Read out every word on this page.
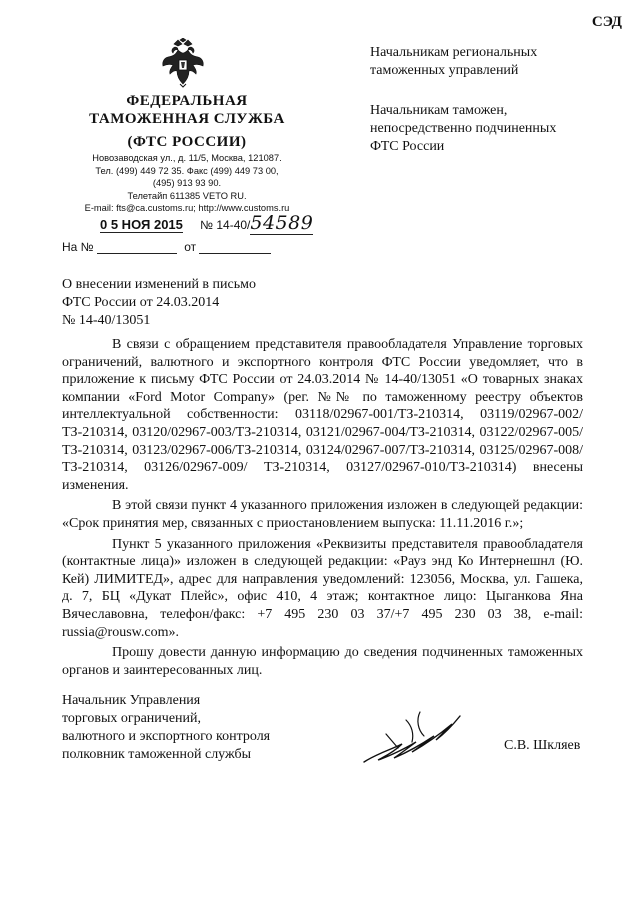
СЭД
ФЕДЕРАЛЬНАЯ
ТАМОЖЕННАЯ СЛУЖБА
(ФТС РОССИИ)
Новозаводская ул., д. 11/5, Москва, 121087.
Тел. (499) 449 72 35. Факс (499) 449 73 00,
(495) 913 93 90.
Телетайп 611385 VETO RU.
E-mail: fts@ca.customs.ru; http://www.customs.ru
0 5 НОЯ 2015 № 14-40/54589
На №	от
Начальникам региональных
таможенных управлений
Начальникам таможен,
непосредственно подчиненных
ФТС России
О внесении изменений в письмо
ФТС России от 24.03.2014
№ 14-40/13051

В связи с обращением представителя правообладателя Управление торговых ограничений, валютного и экспортного контроля ФТС России уведомляет, что в приложение к письму ФТС России от 24.03.2014 № 14-40/13051 «О товарных знаках компании «Ford Motor Company» (рег. №№ по таможенному реестру объектов интеллектуальной собственности: 03118/02967-001/ТЗ-210314, 03119/02967-002/ТЗ-210314, 03120/02967-003/ТЗ-210314, 03121/02967-004/ТЗ-210314, 03122/02967-005/ТЗ-210314, 03123/02967-006/ТЗ-210314, 03124/02967-007/ТЗ-210314, 03125/02967-008/ТЗ-210314, 03126/02967-009/ ТЗ-210314, 03127/02967-010/ТЗ-210314) внесены изменения.

В этой связи пункт 4 указанного приложения изложен в следующей редакции: «Срок принятия мер, связанных с приостановлением выпуска: 11.11.2016 г.»;

Пункт 5 указанного приложения «Реквизиты представителя правообладателя (контактные лица)» изложен в следующей редакции: «Рауз энд Ко Интернешнл (Ю. Кей) ЛИМИТЕД», адрес для направления уведомлений: 123056, Москва, ул. Гашека, д. 7, БЦ «Дукат Плейс», офис 410, 4 этаж; контактное лицо: Цыганкова Яна Вячеславовна, телефон/факс: +7 495 230 03 37/+7 495 230 03 38, e-mail: russia@rousw.com».

Прошу довести данную информацию до сведения подчиненных таможенных органов и заинтересованных лиц.

Начальник Управления
торговых ограничений,
валютного и экспортного контроля
полковник таможенной службы
С.В. Шкляев
